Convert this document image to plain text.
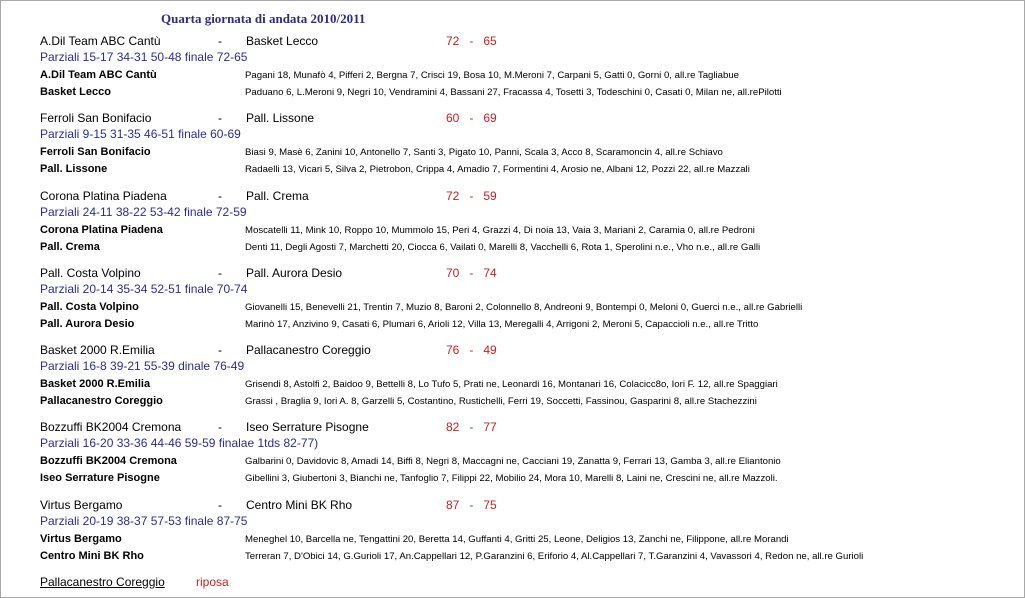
Quarta giornata di andata 2010/2011
A.Dil Team ABC Cantù	- Basket Lecco	72   -   65
Parziali 15-17 34-31 50-48 finale 72-65
A.Dil Team ABC Cantù	Pagani 18, Munafò 4, Pifferi 2, Bergna 7, Crisci 19, Bosa 10, M.Meroni 7, Carpani 5, Gatti 0, Gorni 0, all.re Tagliabue
Basket Lecco	Paduano 6, L.Meroni 9, Negri 10, Vendramini 4, Bassani 27, Fracassa 4, Tosetti 3, Todeschini 0, Casati 0, Milan ne, all.rePilotti
Ferroli San Bonifacio	- Pall. Lissone	60   -   69
Parziali 9-15 31-35 46-51 finale 60-69
Ferroli San Bonifacio	Biasi 9, Masè 6, Zanini 10, Antonello 7, Santi 3, Pigato 10, Panni, Scala 3, Acco 8, Scaramoncin 4, all.re Schiavo
Pall. Lissone	Radaelli 13, Vicari 5, Silva 2, Pietrobon, Crippa 4, Amadio 7, Formentini 4, Arosio ne, Albani 12, Pozzi 22, all.re Mazzali
Corona Platina Piadena	- Pall. Crema	72   -   59
Parziali 24-11 38-22 53-42 finale 72-59
Corona Platina Piadena	Moscatelli 11, Mink 10, Roppo 10, Mummolo 15, Peri 4, Grazzi 4, Di noia 13, Vaia 3, Mariani 2, Caramia 0, all.re Pedroni
Pall. Crema	Denti 11, Degli Agosti 7, Marchetti 20, Ciocca 6, Vailati 0, Marelli 8, Vacchelli 6, Rota 1, Sperolini n.e., Vho n.e., all.re Galli
Pall. Costa Volpino	- Pall. Aurora Desio	70   -   74
Parziali 20-14 35-34 52-51 finale 70-74
Pall. Costa Volpino	Giovanelli 15, Benevelli 21, Trentin 7, Muzio 8, Baroni 2, Colonnello 8, Andreoni 9, Bontempi 0, Meloni 0, Guerci n.e., all.re Gabrielli
Pall. Aurora Desio	Marinò 17, Anzivino 9, Casati 6, Plumari 6, Arioli 12, Villa 13, Meregalli 4, Arrigoni 2, Meroni 5, Capaccioli n.e., all.re Tritto
Basket 2000 R.Emilia	- Pallacanestro Coreggio	76   -   49
Parziali 16-8 39-21 55-39 dinale 76-49
Basket 2000 R.Emilia	Grisendi 8, Astolfi 2, Baidoo 9, Bettelli 8, Lo Tufo 5, Prati ne, Leonardi 16, Montanari 16, Colacicc8o, Iori F. 12, all.re Spaggiari
Pallacanestro Coreggio	Grassi , Braglia 9, Iori A. 8, Garzelli 5, Costantino, Rustichelli, Ferri 19, Soccetti, Fassinou, Gasparini 8, all.re Stachezzini
Bozzuffi BK2004 Cremona	- Iseo Serrature Pisogne	82   -   77
Parziali 16-20 33-36 44-46 59-59 finalae 1tds 82-77)
Bozzuffi BK2004 Cremona	Galbarini 0, Davidovic 8, Amadi 14, Biffi 8, Negri 8, Maccagni ne, Cacciani 19, Zanatta 9, Ferrari 13, Gamba 3, all.re Eliantonio
Iseo Serrature Pisogne	Gibellini 3, Giubertoni 3, Bianchi ne, Tanfoglio 7, Filippi 22, Mobilio 24, Mora 10, Marelli 8, Laini ne, Crescini ne, all.re Mazzoli.
Virtus Bergamo	- Centro Mini BK Rho	87   -   75
Parziali 20-19 38-37 57-53 finale 87-75
Virtus Bergamo	Meneghel 10, Barcella ne, Tengattini 20, Beretta 14, Guffanti 4, Gritti 25, Leone, Deligios 13, Zanchi ne, Filippone, all.re Morandi
Centro Mini BK Rho	Terreran 7, D'Obici 14, G.Gurioli 17, An.Cappellari 12, P.Garanzini 6, Eriforio 4, Al.Cappellari 7, T.Garanzini 4, Vavassori 4, Redon ne, all.re Gurioli
Pallacanestro Coreggio	riposa
